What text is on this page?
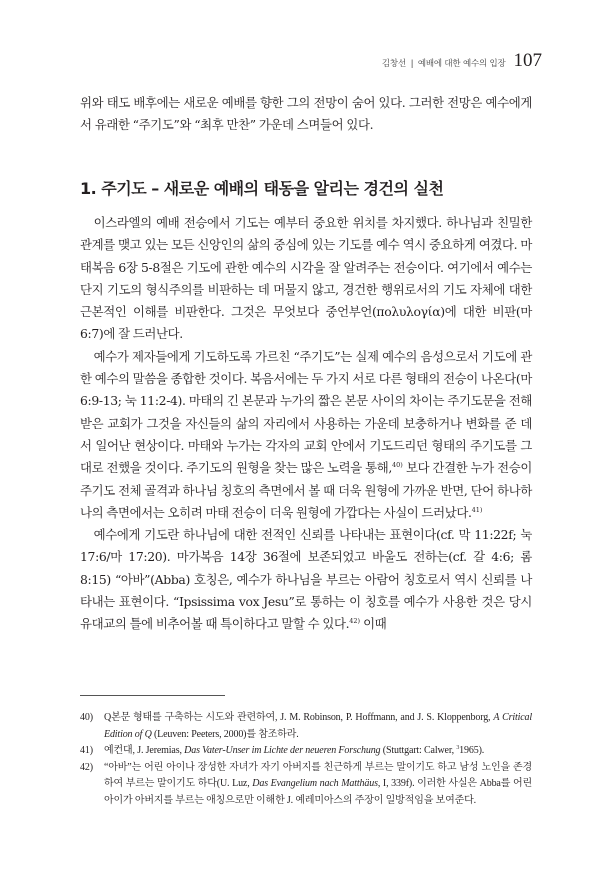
김창선 ❘ 예배에 대한 예수의 입장 107

위와 태도 배후에는 새로운 예배를 향한 그의 전망이 숨어 있다. 그러한 전망은 예수에게서 유래한 “주기도”와 “최후 만찬” 가운데 스며들어 있다.

1. 주기도 – 새로운 예배의 태동을 알리는 경건의 실천

이스라엘의 예배 전승에서 기도는 예부터 중요한 위치를 차지했다. 하나님과 친밀한 관계를 맺고 있는 모든 신앙인의 삶의 중심에 있는 기도를 예수 역시 중요하게 여겼다. 마태복음 6장 5-8절은 기도에 관한 예수의 시각을 잘 알려주는 전승이다. 여기에서 예수는 단지 기도의 형식주의를 비판하는 데 머물지 않고, 경건한 행위로서의 기도 자체에 대한 근본적인 이해를 비판한다. 그것은 무엇보다 중언부언(πολυλογία)에 대한 비판(마 6:7)에 잘 드러난다.

예수가 제자들에게 기도하도록 가르친 “주기도”는 실제 예수의 음성으로서 기도에 관한 예수의 말씀을 종합한 것이다. 복음서에는 두 가지 서로 다른 형태의 전승이 나온다(마 6:9-13; 눅 11:2-4). 마태의 긴 본문과 누가의 짧은 본문 사이의 차이는 주기도문을 전해 받은 교회가 그것을 자신들의 삶의 자리에서 사용하는 가운데 보충하거나 변화를 준 데서 일어난 현상이다. 마태와 누가는 각자의 교회 안에서 기도드리던 형태의 주기도를 그대로 전했을 것이다. 주기도의 원형을 찾는 많은 노력을 통해,$^{40)}$ 보다 간결한 누가 전승이 주기도 전체 골격과 하나님 칭호의 측면에서 볼 때 더욱 원형에 가까운 반면, 단어 하나하나의 측면에서는 오히려 마태 전승이 더욱 원형에 가깝다는 사실이 드러났다.$^{41)}$

예수에게 기도란 하나님에 대한 전적인 신뢰를 나타내는 표현이다(cf. 막 11:22f; 눅 17:6/마 17:20). 마가복음 14장 36절에 보존되었고 바울도 전하는(cf. 갈 4:6; 롬 8:15) “아바”(Abba) 호칭은, 예수가 하나님을 부르는 아람어 칭호로서 역시 신뢰를 나타내는 표현이다. “Ipsissima vox Jesu”로 통하는 이 칭호를 예수가 사용한 것은 당시 유대교의 틀에 비추어볼 때 특이하다고 말할 수 있다.$^{42)}$ 이때

40)	Q본문 형태를 구축하는 시도와 관련하여, J. M. Robinson, P. Hoffmann, and J. S. Kloppenborg, A Critical Edition of Q (Leuven: Peeters, 2000)를 참조하라.

41)	예컨대, J. Jeremias, Das Vater-Unser im Lichte der neueren Forschung (Stuttgart: Calwer, $^3$1965).

42)	“아바”는 어린 아이나 장성한 자녀가 자기 아버지를 친근하게 부르는 말이기도 하고 남성 노인을 존경하여 부르는 말이기도 하다(U. Luz, Das Evangelium nach Matthäus, I, 339f). 이러한 사실은 Abba를 어린아이가 아버지를 부르는 애칭으로만 이해한 J. 예레미아스의 주장이 일방적임을 보여준다.
